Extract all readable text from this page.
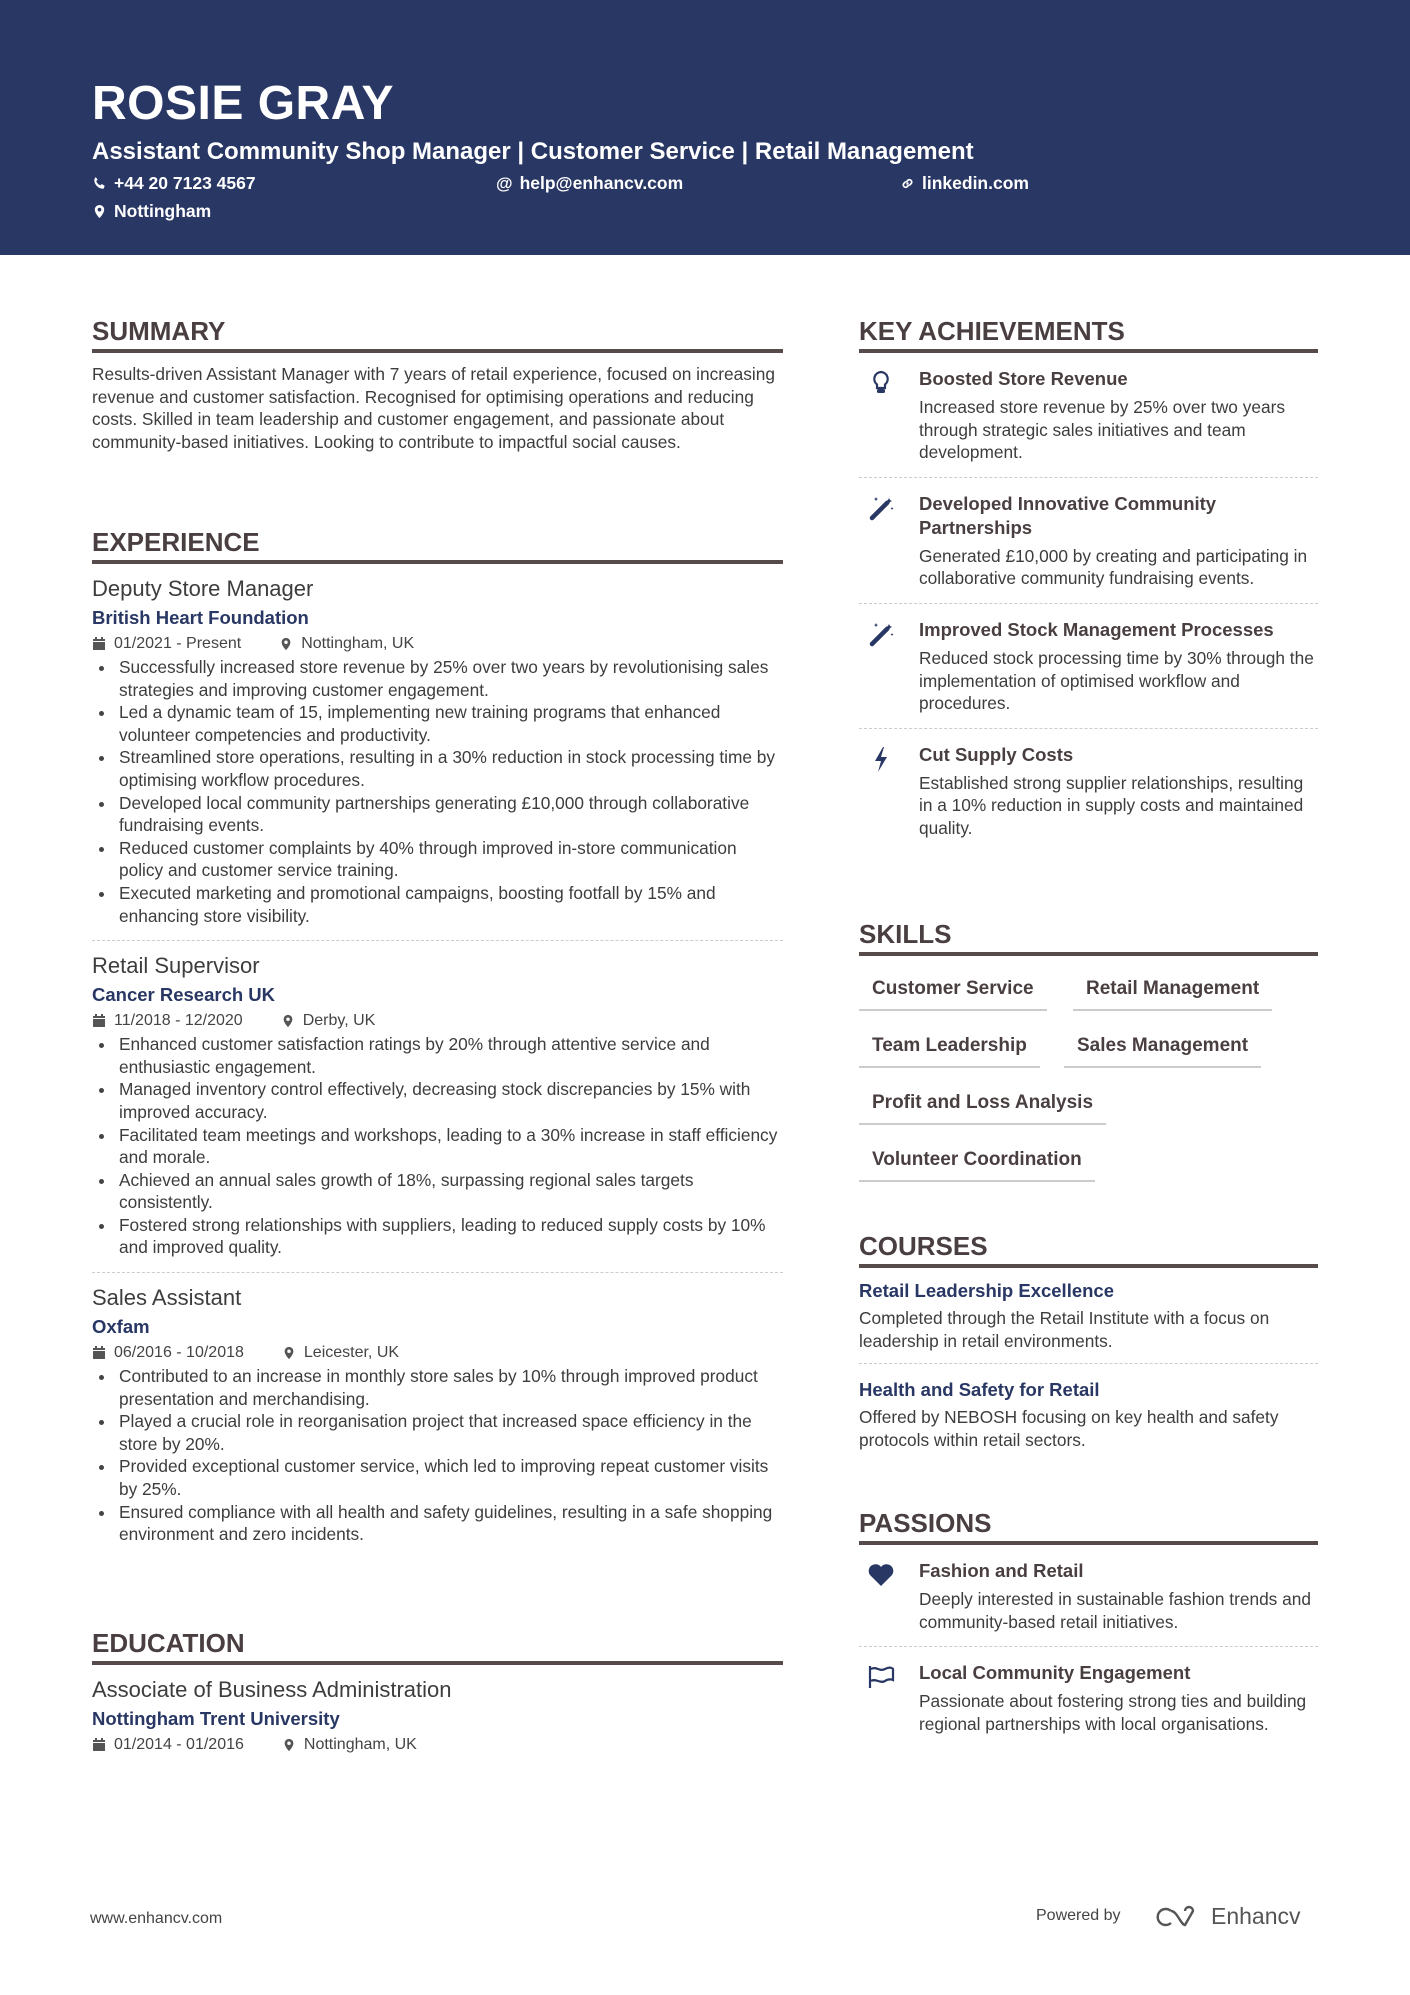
ROSIE GRAY
Assistant Community Shop Manager | Customer Service | Retail Management
+44 20 7123 4567	@ help@enhancv.com	linkedin.com
Nottingham
SUMMARY
Results-driven Assistant Manager with 7 years of retail experience, focused on increasing revenue and customer satisfaction. Recognised for optimising operations and reducing costs. Skilled in team leadership and customer engagement, and passionate about community-based initiatives. Looking to contribute to impactful social causes.
EXPERIENCE
Deputy Store Manager
British Heart Foundation
01/2021 - Present	Nottingham, UK
Successfully increased store revenue by 25% over two years by revolutionising sales strategies and improving customer engagement.
Led a dynamic team of 15, implementing new training programs that enhanced volunteer competencies and productivity.
Streamlined store operations, resulting in a 30% reduction in stock processing time by optimising workflow procedures.
Developed local community partnerships generating £10,000 through collaborative fundraising events.
Reduced customer complaints by 40% through improved in-store communication policy and customer service training.
Executed marketing and promotional campaigns, boosting footfall by 15% and enhancing store visibility.
Retail Supervisor
Cancer Research UK
11/2018 - 12/2020	Derby, UK
Enhanced customer satisfaction ratings by 20% through attentive service and enthusiastic engagement.
Managed inventory control effectively, decreasing stock discrepancies by 15% with improved accuracy.
Facilitated team meetings and workshops, leading to a 30% increase in staff efficiency and morale.
Achieved an annual sales growth of 18%, surpassing regional sales targets consistently.
Fostered strong relationships with suppliers, leading to reduced supply costs by 10% and improved quality.
Sales Assistant
Oxfam
06/2016 - 10/2018	Leicester, UK
Contributed to an increase in monthly store sales by 10% through improved product presentation and merchandising.
Played a crucial role in reorganisation project that increased space efficiency in the store by 20%.
Provided exceptional customer service, which led to improving repeat customer visits by 25%.
Ensured compliance with all health and safety guidelines, resulting in a safe shopping environment and zero incidents.
EDUCATION
Associate of Business Administration
Nottingham Trent University
01/2014 - 01/2016	Nottingham, UK
KEY ACHIEVEMENTS
Boosted Store Revenue
Increased store revenue by 25% over two years through strategic sales initiatives and team development.
Developed Innovative Community Partnerships
Generated £10,000 by creating and participating in collaborative community fundraising events.
Improved Stock Management Processes
Reduced stock processing time by 30% through the implementation of optimised workflow and procedures.
Cut Supply Costs
Established strong supplier relationships, resulting in a 10% reduction in supply costs and maintained quality.
SKILLS
Customer Service	Retail Management
Team Leadership	Sales Management
Profit and Loss Analysis
Volunteer Coordination
COURSES
Retail Leadership Excellence
Completed through the Retail Institute with a focus on leadership in retail environments.
Health and Safety for Retail
Offered by NEBOSH focusing on key health and safety protocols within retail sectors.
PASSIONS
Fashion and Retail
Deeply interested in sustainable fashion trends and community-based retail initiatives.
Local Community Engagement
Passionate about fostering strong ties and building regional partnerships with local organisations.
www.enhancv.com	Powered by	Enhancv
